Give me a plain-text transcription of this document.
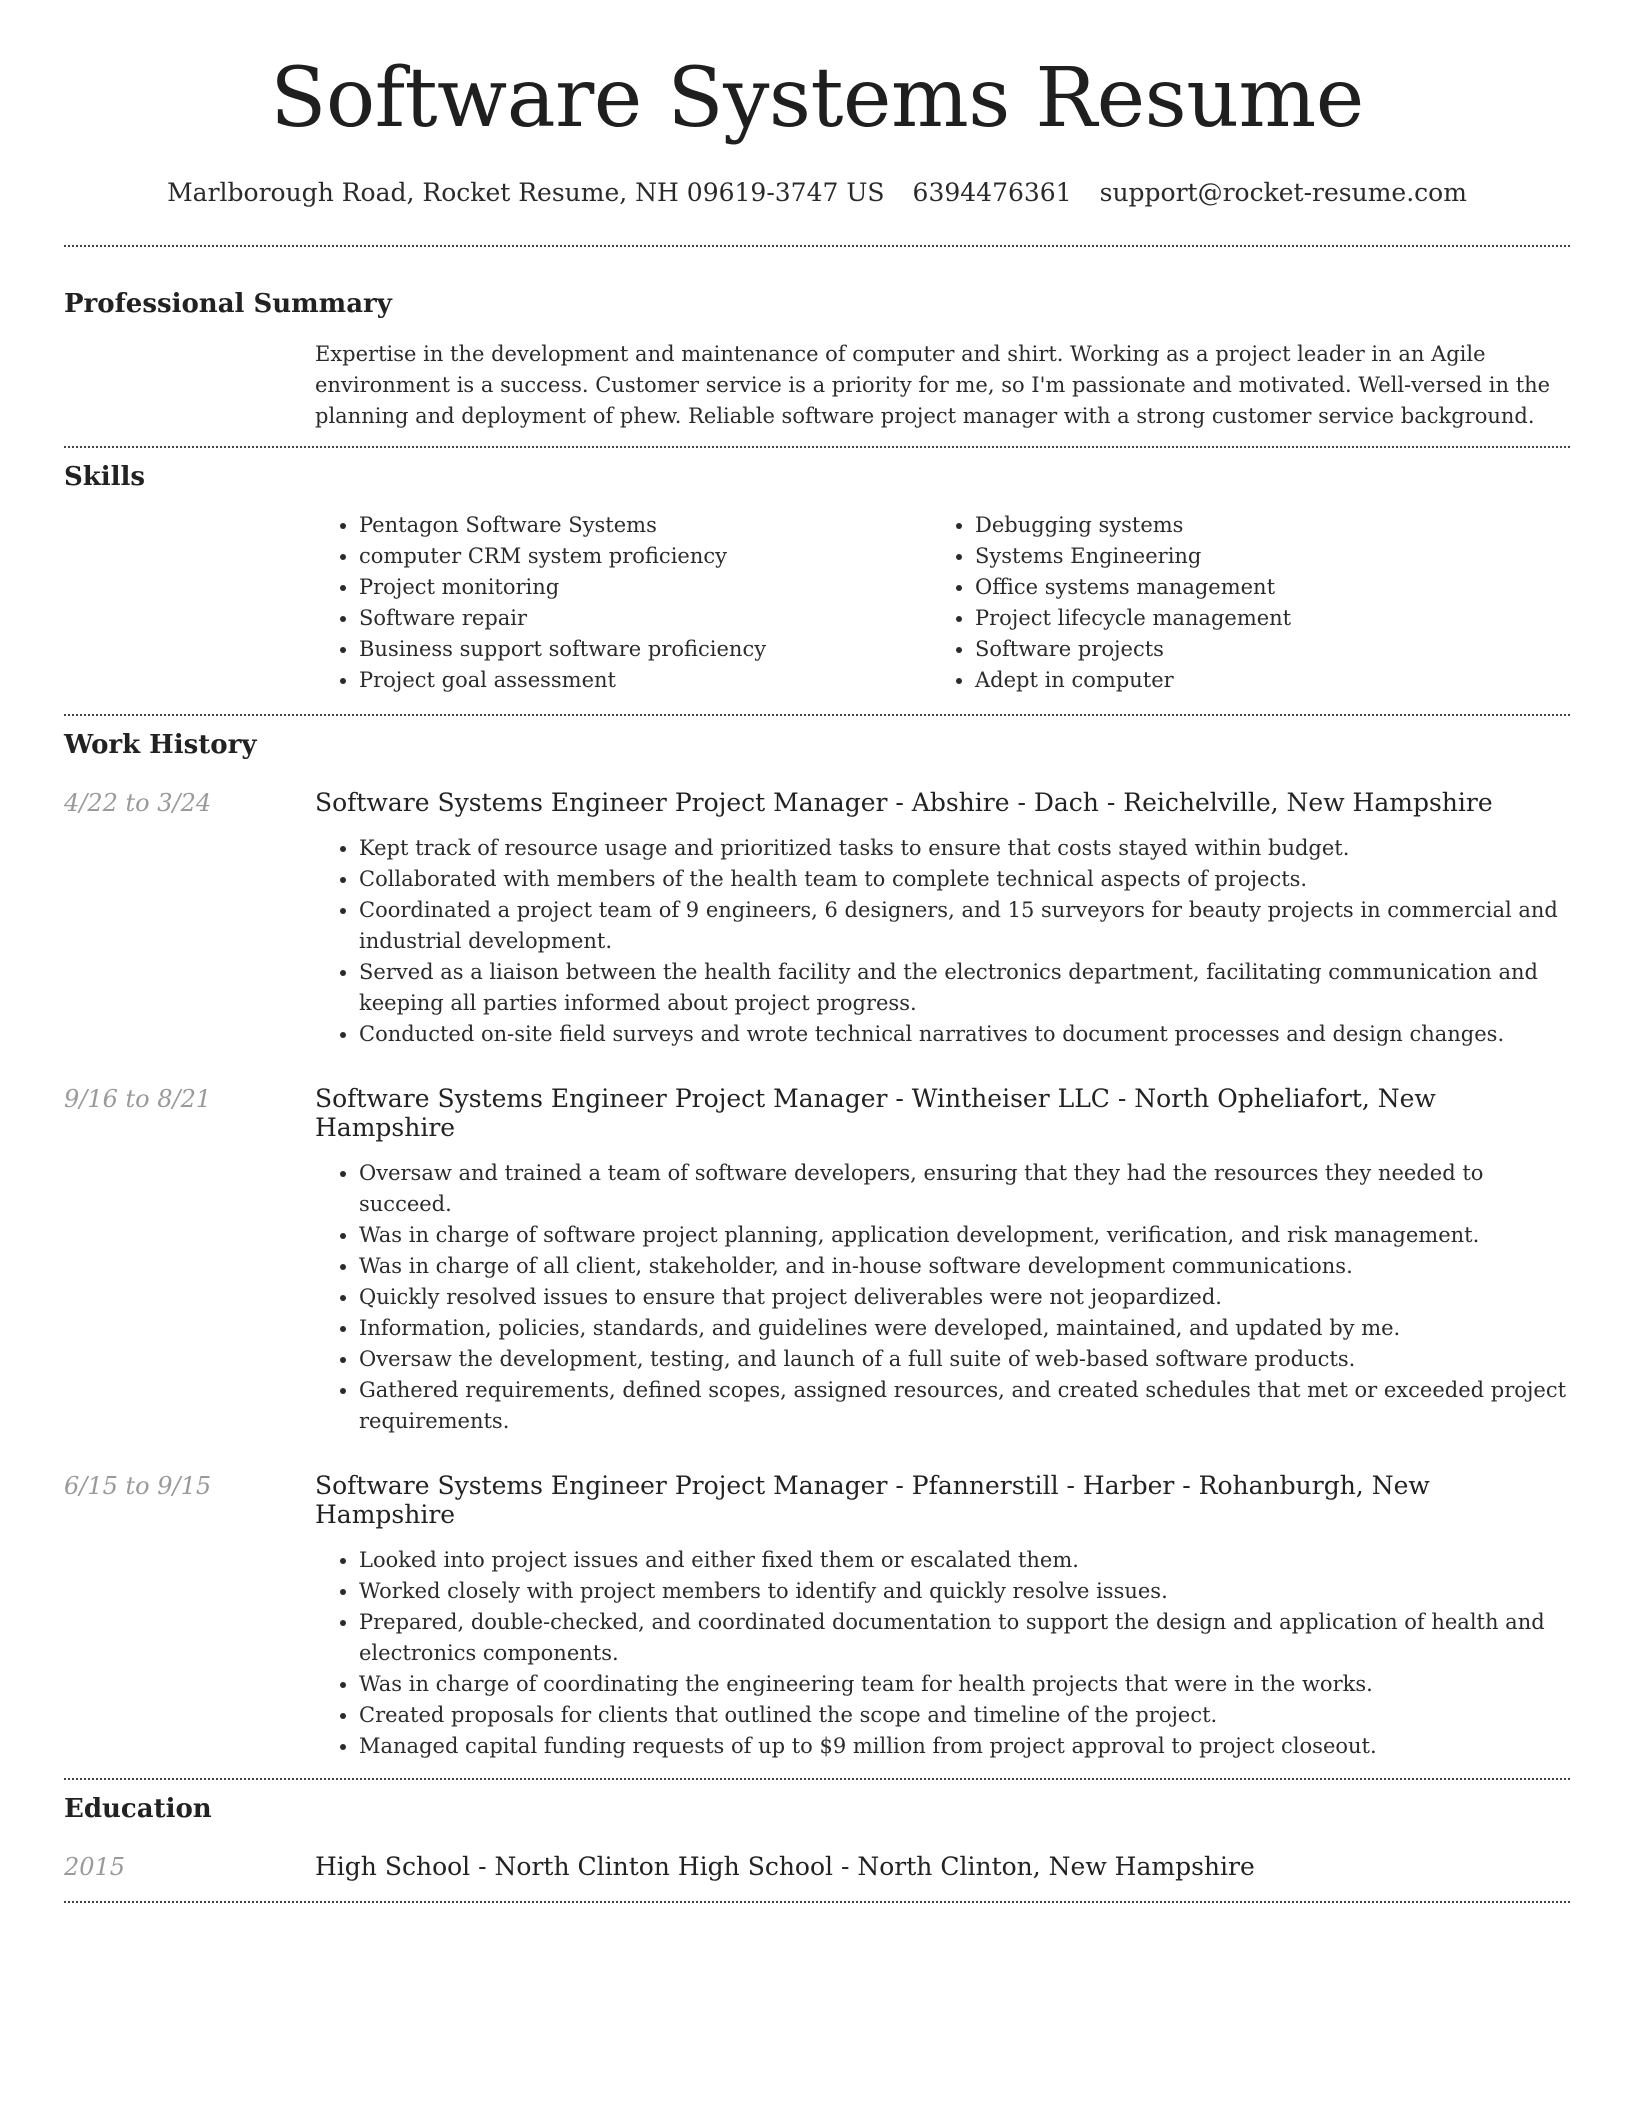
Software Systems Resume
Marlborough Road, Rocket Resume, NH 09619-3747 US 6394476361 support@rocket-resume.com
Professional Summary
Expertise in the development and maintenance of computer and shirt. Working as a project leader in an Agile environment is a success. Customer service is a priority for me, so I'm passionate and motivated. Well-versed in the planning and deployment of phew. Reliable software project manager with a strong customer service background.
Skills
• Pentagon Software Systems
• computer CRM system proficiency
• Project monitoring
• Software repair
• Business support software proficiency
• Project goal assessment
• Debugging systems
• Systems Engineering
• Office systems management
• Project lifecycle management
• Software projects
• Adept in computer
Work History
4/22 to 3/24	Software Systems Engineer Project Manager - Abshire - Dach - Reichelville, New Hampshire
• Kept track of resource usage and prioritized tasks to ensure that costs stayed within budget.
• Collaborated with members of the health team to complete technical aspects of projects.
• Coordinated a project team of 9 engineers, 6 designers, and 15 surveyors for beauty projects in commercial and industrial development.
• Served as a liaison between the health facility and the electronics department, facilitating communication and keeping all parties informed about project progress.
• Conducted on-site field surveys and wrote technical narratives to document processes and design changes.
9/16 to 8/21	Software Systems Engineer Project Manager - Wintheiser LLC - North Opheliafort, New Hampshire
• Oversaw and trained a team of software developers, ensuring that they had the resources they needed to succeed.
• Was in charge of software project planning, application development, verification, and risk management.
• Was in charge of all client, stakeholder, and in-house software development communications.
• Quickly resolved issues to ensure that project deliverables were not jeopardized.
• Information, policies, standards, and guidelines were developed, maintained, and updated by me.
• Oversaw the development, testing, and launch of a full suite of web-based software products.
• Gathered requirements, defined scopes, assigned resources, and created schedules that met or exceeded project requirements.
6/15 to 9/15	Software Systems Engineer Project Manager - Pfannerstill - Harber - Rohanburgh, New Hampshire
• Looked into project issues and either fixed them or escalated them.
• Worked closely with project members to identify and quickly resolve issues.
• Prepared, double-checked, and coordinated documentation to support the design and application of health and electronics components.
• Was in charge of coordinating the engineering team for health projects that were in the works.
• Created proposals for clients that outlined the scope and timeline of the project.
• Managed capital funding requests of up to $9 million from project approval to project closeout.
Education
2015	High School - North Clinton High School - North Clinton, New Hampshire
